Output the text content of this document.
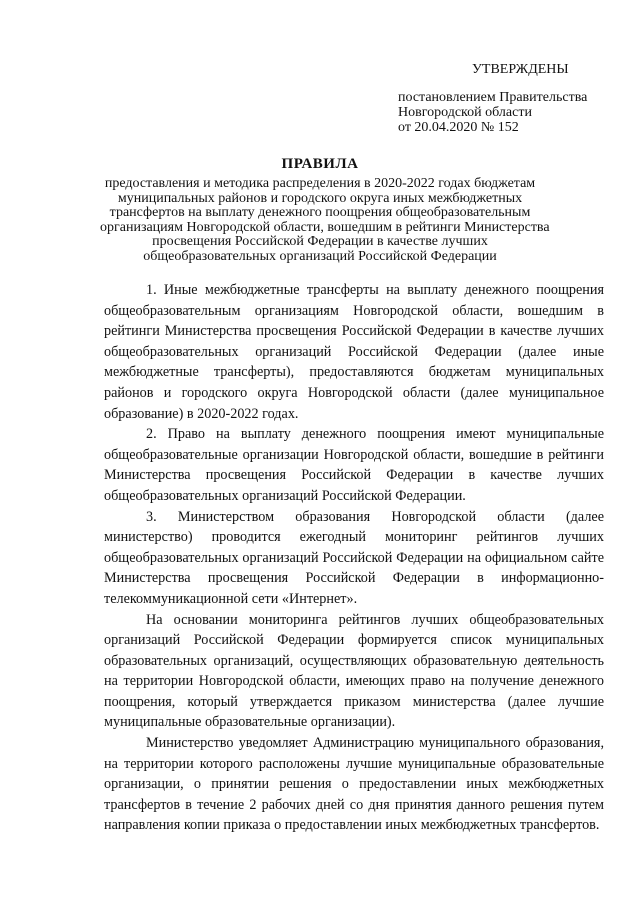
УТВЕРЖДЕНЫ
постановлением Правительства
Новгородской области
от 20.04.2020 № 152
ПРАВИЛА
предоставления и методика распределения в 2020-2022 годах бюджетам
муниципальных районов и городского округа иных межбюджетных
трансфертов на выплату денежного поощрения общеобразовательным
организациям Новгородской области, вошедшим в рейтинги Министерства
просвещения Российской Федерации в качестве лучших
общеобразовательных организаций Российской Федерации

1. Иные межбюджетные трансферты на выплату денежного поощрения общеобразовательным организациям Новгородской области, вошедшим в рейтинги Министерства просвещения Российской Федерации в качестве лучших общеобразовательных организаций Российской Федерации (далее иные межбюджетные трансферты), предоставляются бюджетам муниципальных районов и городского округа Новгородской области (далее муниципальное образование) в 2020-2022 годах.

2. Право на выплату денежного поощрения имеют муниципальные общеобразовательные организации Новгородской области, вошедшие в рейтинги Министерства просвещения Российской Федерации в качестве лучших общеобразовательных организаций Российской Федерации.

3. Министерством образования Новгородской области (далее министерство) проводится ежегодный мониторинг рейтингов лучших общеобразовательных организаций Российской Федерации на официальном сайте Министерства просвещения Российской Федерации в информационно-телекоммуникационной сети «Интернет».

На основании мониторинга рейтингов лучших общеобразовательных организаций Российской Федерации формируется список муниципальных образовательных организаций, осуществляющих образовательную деятельность на территории Новгородской области, имеющих право на получение денежного поощрения, который утверждается приказом министерства (далее лучшие муниципальные образовательные организации).

Министерство уведомляет Администрацию муниципального образования, на территории которого расположены лучшие муниципальные образовательные организации, о принятии решения о предоставлении иных межбюджетных трансфертов в течение 2 рабочих дней со дня принятия данного решения путем направления копии приказа о предоставлении иных межбюджетных трансфертов.
